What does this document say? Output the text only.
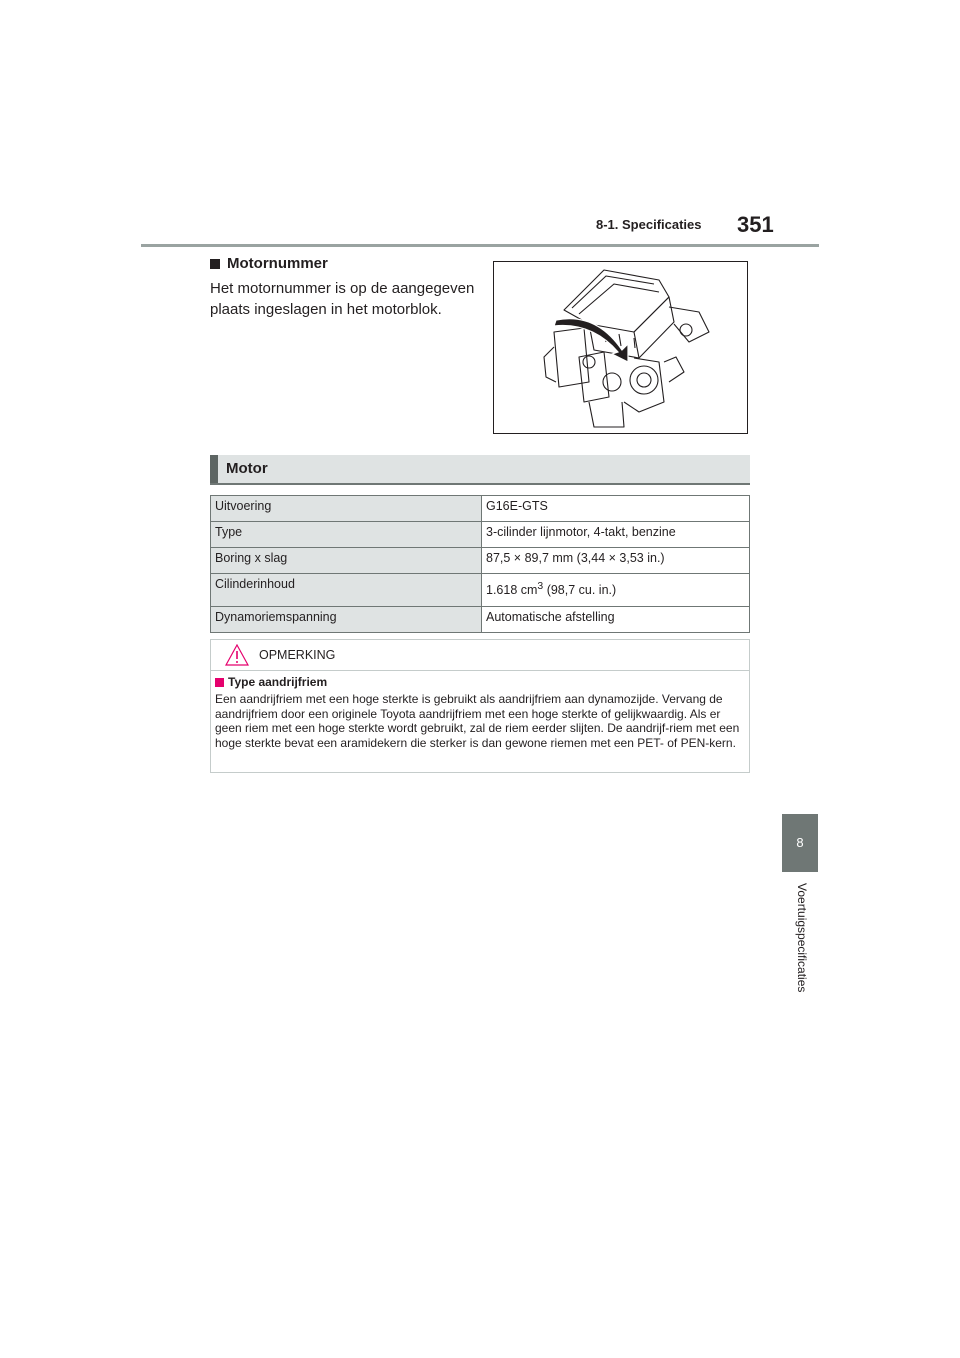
8-1. Specificaties 351
Motornummer
Het motornummer is op de aangegeven plaats ingeslagen in het motorblok.
Motor
Uitvoering	G16E-GTS
Type	3-cilinder lijnmotor, 4-takt, benzine
Boring x slag	87,5 × 89,7 mm (3,44 × 3,53 in.)
Cilinderinhoud	1.618 $cm^3$ (98,7 cu. in.)
Dynamoriemspanning	Automatische afstelling
OPMERKING
Type aandrijfriem
Een aandrijfriem met een hoge sterkte is gebruikt als aandrijfriem aan dynamozijde. Vervang de aandrijfriem door een originele Toyota aandrijfriem met een hoge sterkte of gelijkwaardig. Als er geen riem met een hoge sterkte wordt gebruikt, zal de riem eerder slijten. De aandrijf-riem met een hoge sterkte bevat een aramidekern die sterker is dan gewone riemen met een PET- of PEN-kern.
8
Voertuigspecificaties
